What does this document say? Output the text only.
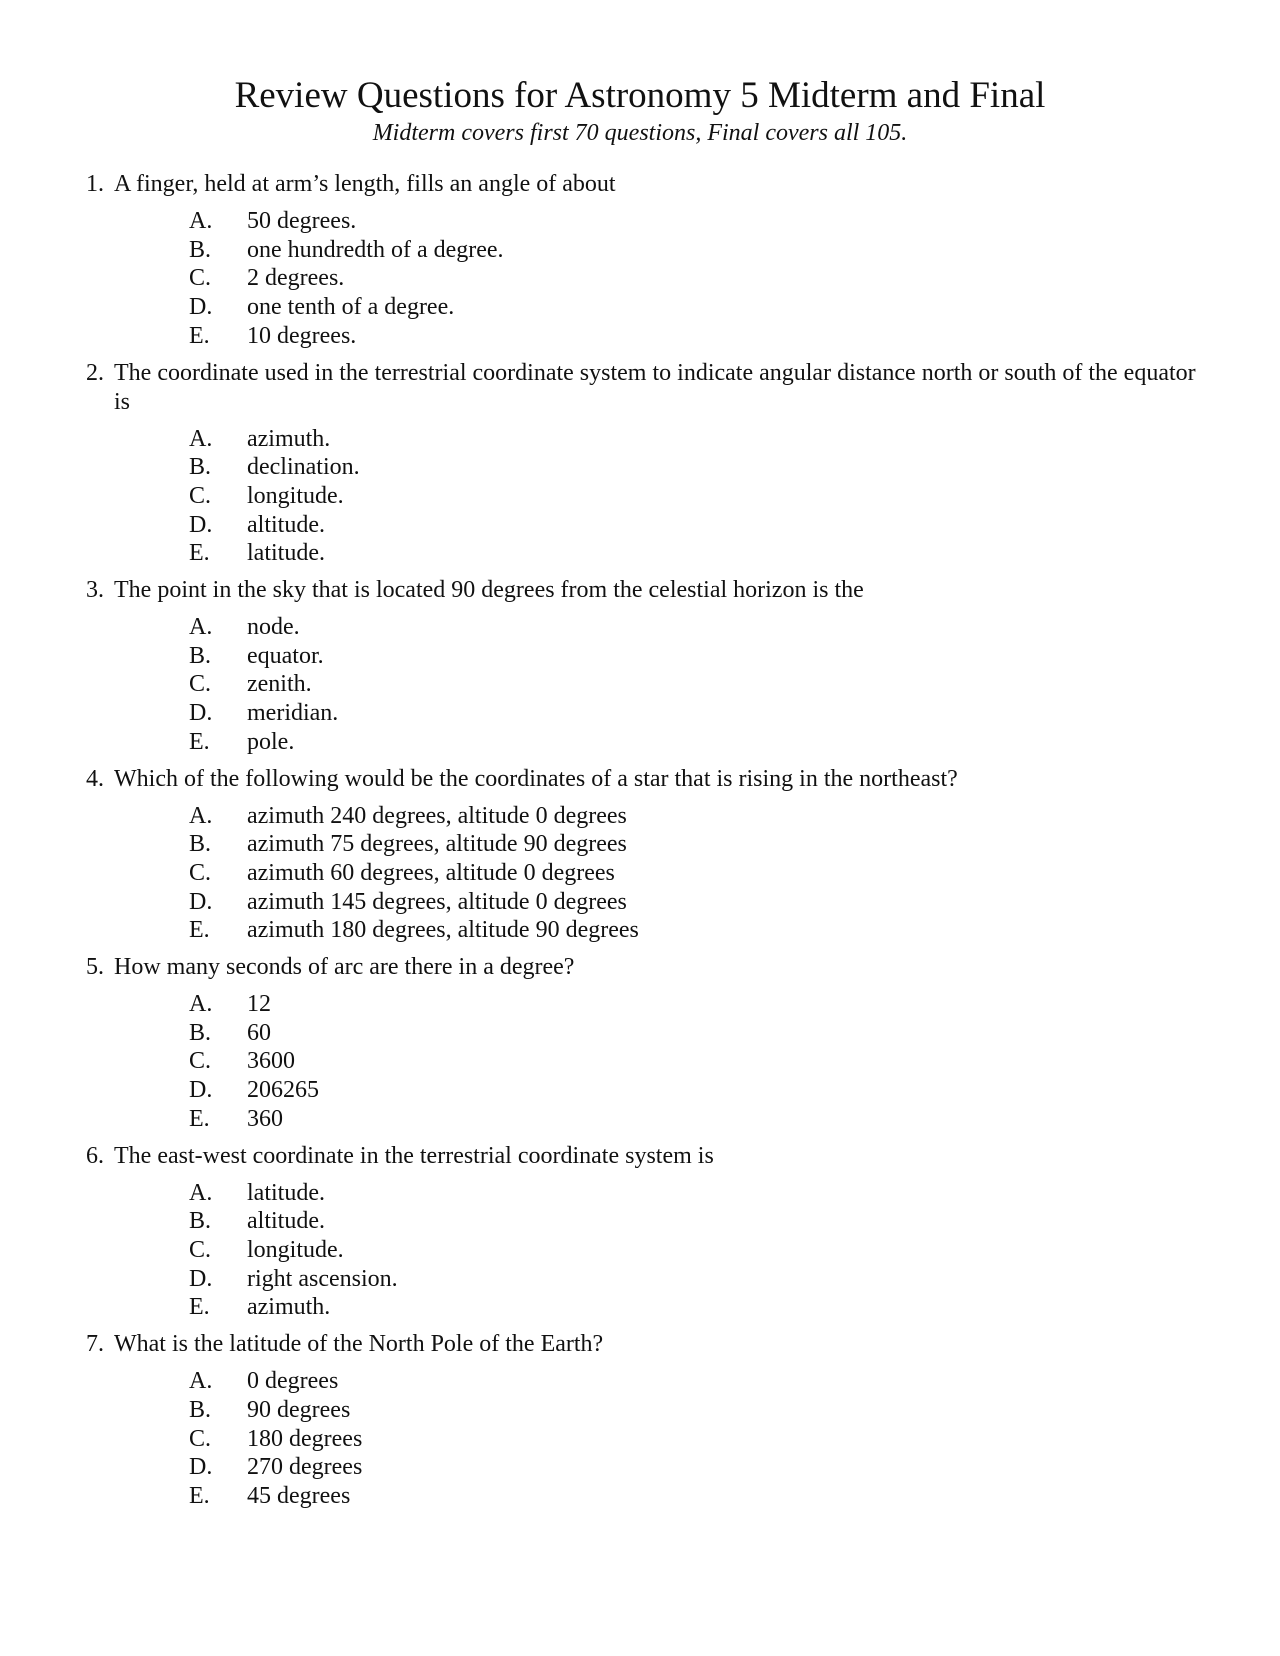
Review Questions for Astronomy 5 Midterm and Final
Midterm covers first 70 questions, Final covers all 105.
1. A finger, held at arm’s length, fills an angle of about
A.	50 degrees.
B.	one hundredth of a degree.
C.	2 degrees.
D.	one tenth of a degree.
E.	10 degrees.
2. The coordinate used in the terrestrial coordinate system to indicate angular distance north or south of the equator is
A.	azimuth.
B.	declination.
C.	longitude.
D.	altitude.
E.	latitude.
3. The point in the sky that is located 90 degrees from the celestial horizon is the
A.	node.
B.	equator.
C.	zenith.
D.	meridian.
E.	pole.
4. Which of the following would be the coordinates of a star that is rising in the northeast?
A.	azimuth 240 degrees, altitude 0 degrees
B.	azimuth 75 degrees, altitude 90 degrees
C.	azimuth 60 degrees, altitude 0 degrees
D.	azimuth 145 degrees, altitude 0 degrees
E.	azimuth 180 degrees, altitude 90 degrees
5. How many seconds of arc are there in a degree?
A.	12
B.	60
C.	3600
D.	206265
E.	360
6. The east-west coordinate in the terrestrial coordinate system is
A.	latitude.
B.	altitude.
C.	longitude.
D.	right ascension.
E.	azimuth.
7. What is the latitude of the North Pole of the Earth?
A.	0 degrees
B.	90 degrees
C.	180 degrees
D.	270 degrees
E.	45 degrees
